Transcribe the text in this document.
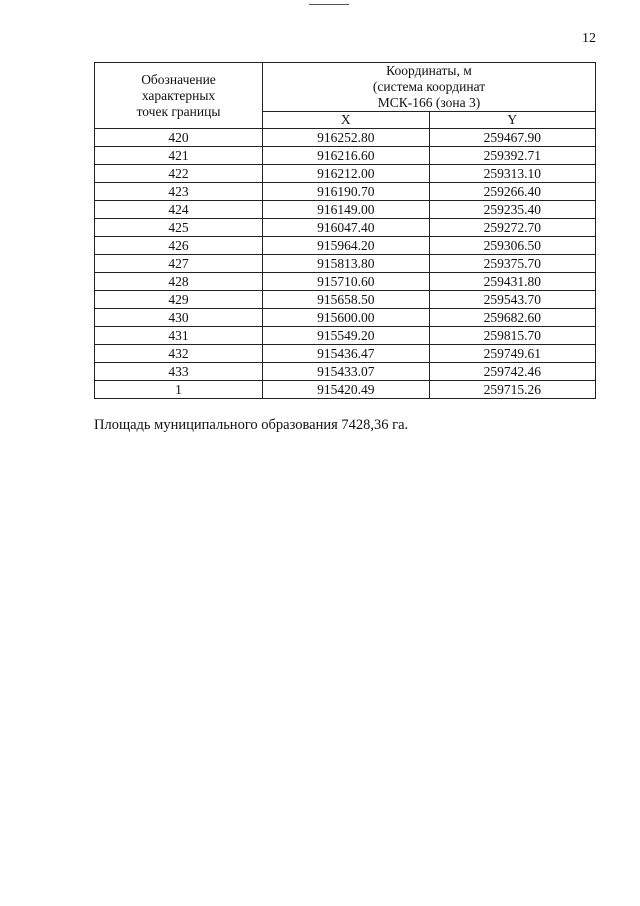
12
Обозначение
характерных
точек границы	Координаты, м
(система координат
МСК-166 (зона 3)	

	X	Y
420	916252.80	259467.90
421	916216.60	259392.71
422	916212.00	259313.10
423	916190.70	259266.40
424	916149.00	259235.40
425	916047.40	259272.70
426	915964.20	259306.50
427	915813.80	259375.70
428	915710.60	259431.80
429	915658.50	259543.70
430	915600.00	259682.60
431	915549.20	259815.70
432	915436.47	259749.61
433	915433.07	259742.46
1	915420.49	259715.26
Площадь муниципального образования 7428,36 га.
